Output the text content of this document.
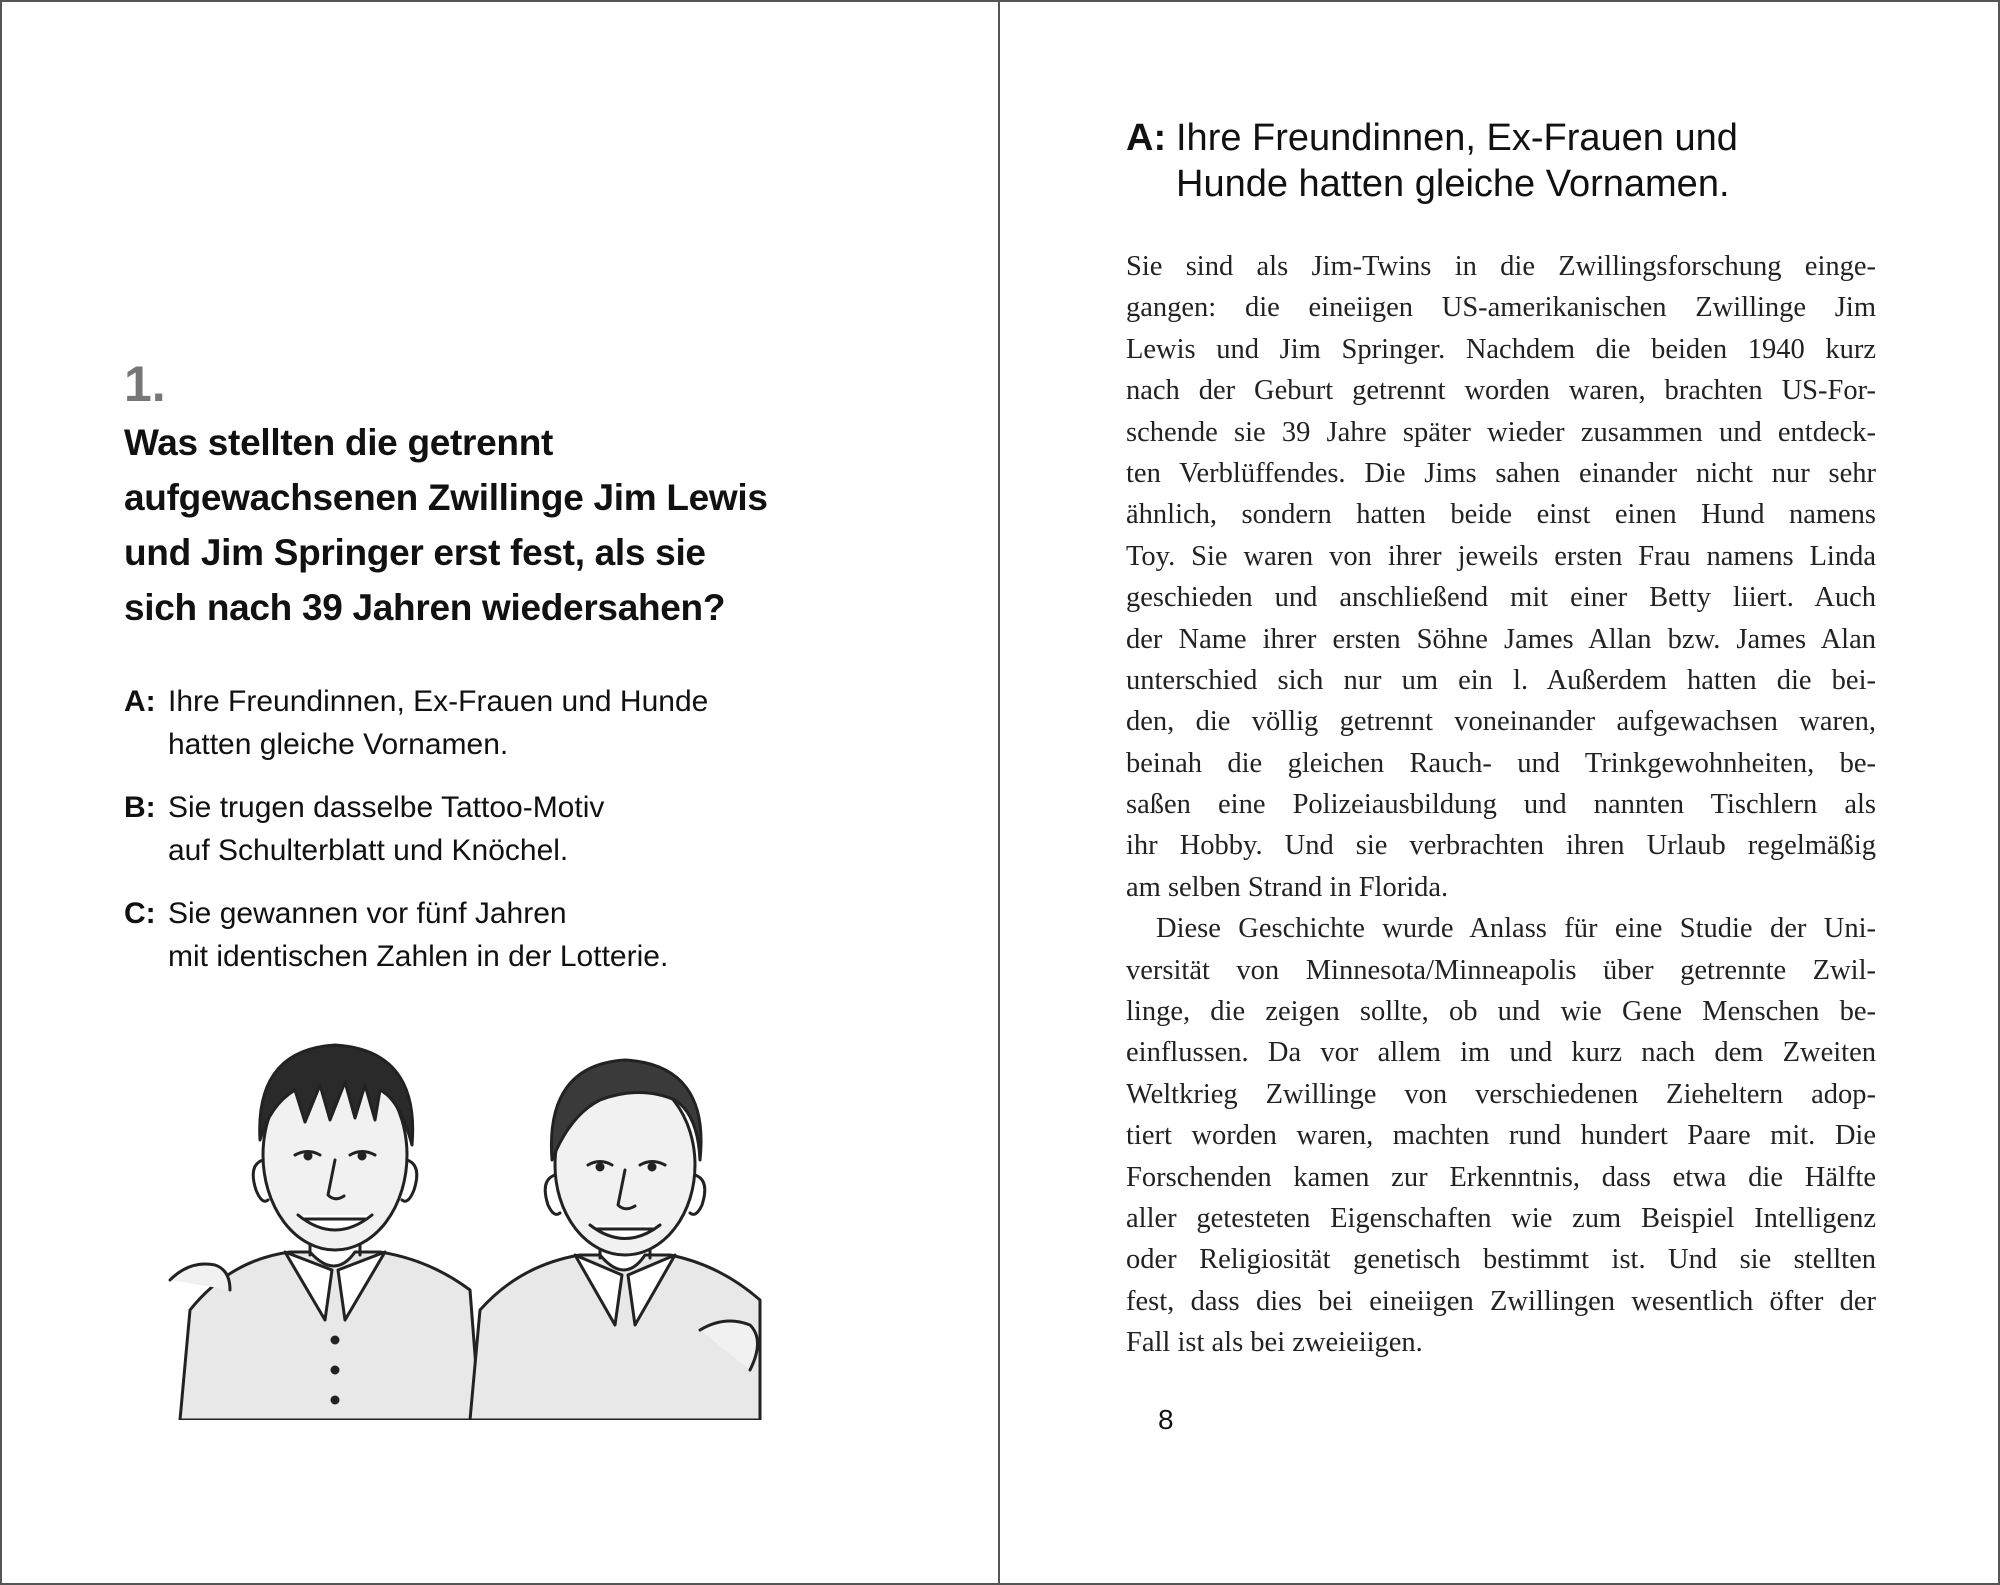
1.
Was stellten die getrennt
aufgewachsenen Zwillinge Jim Lewis
und Jim Springer erst fest, als sie
sich nach 39 Jahren wiedersahen?
A: Ihre Freundinnen, Ex-Frauen und Hunde
hatten gleiche Vornamen.
B: Sie trugen dasselbe Tattoo-Motiv
auf Schulterblatt und Knöchel.
C: Sie gewannen vor fünf Jahren
mit identischen Zahlen in der Lotterie.
A: Ihre Freundinnen, Ex-Frauen und
Hunde hatten gleiche Vornamen.
Sie sind als Jim-Twins in die Zwillingsforschung einge-
gangen: die eineiigen US-amerikanischen Zwillinge Jim
Lewis und Jim Springer. Nachdem die beiden 1940 kurz
nach der Geburt getrennt worden waren, brachten US-For-
schende sie 39 Jahre später wieder zusammen und entdeck-
ten Verblüffendes. Die Jims sahen einander nicht nur sehr
ähnlich, sondern hatten beide einst einen Hund namens
Toy. Sie waren von ihrer jeweils ersten Frau namens Linda
geschieden und anschließend mit einer Betty liiert. Auch
der Name ihrer ersten Söhne James Allan bzw. James Alan
unterschied sich nur um ein l. Außerdem hatten die bei-
den, die völlig getrennt voneinander aufgewachsen waren,
beinah die gleichen Rauch- und Trinkgewohnheiten, be-
saßen eine Polizeiausbildung und nannten Tischlern als
ihr Hobby. Und sie verbrachten ihren Urlaub regelmäßig
am selben Strand in Florida.
Diese Geschichte wurde Anlass für eine Studie der Uni-
versität von Minnesota/Minneapolis über getrennte Zwil-
linge, die zeigen sollte, ob und wie Gene Menschen be-
einflussen. Da vor allem im und kurz nach dem Zweiten
Weltkrieg Zwillinge von verschiedenen Zieheltern adop-
tiert worden waren, machten rund hundert Paare mit. Die
Forschenden kamen zur Erkenntnis, dass etwa die Hälfte
aller getesteten Eigenschaften wie zum Beispiel Intelligenz
oder Religiosität genetisch bestimmt ist. Und sie stellten
fest, dass dies bei eineiigen Zwillingen wesentlich öfter der
Fall ist als bei zweieiigen.
8
